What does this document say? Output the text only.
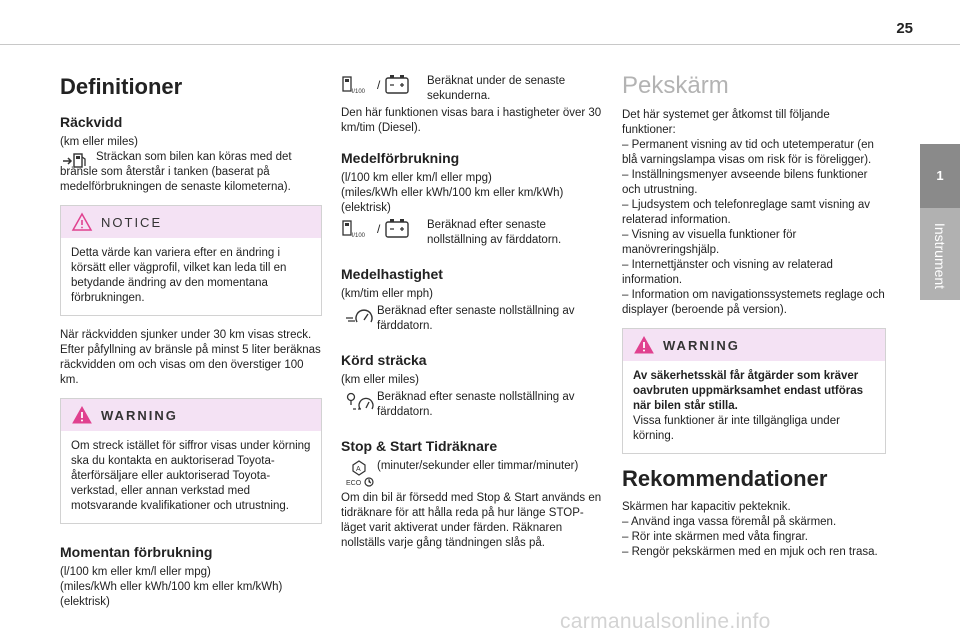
25
Instrument
1
Definitioner
Räckvidd

(km eller miles)

Sträckan som bilen kan köras med det bränsle som återstår i tanken (baserat på medelförbrukningen de senaste kilometerna).

NOTICE

Detta värde kan variera efter en ändring i körsätt eller vägprofil, vilket kan leda till en betydande ändring av den momentana förbrukningen.

När räckvidden sjunker under 30 km visas streck.

Efter påfyllning av bränsle på minst 5 liter beräknas räckvidden om och visas om den överstiger 100 km.

WARNING

Om streck istället för siffror visas under körning ska du kontakta en auktoriserad Toyota-återförsäljare eller auktoriserad Toyota-verkstad, eller annan verkstad med motsvarande kvalifikationer och utrustning.

Momentan förbrukning

(l/100 km eller km/l eller mpg)

(miles/kWh eller kWh/100 km eller km/kWh)

(elektrisk)

l/100 /	Beräknat under de senaste sekunderna.

Den här funktionen visas bara i hastigheter över 30 km/tim (Diesel).

Medelförbrukning

(l/100 km eller km/l eller mpg)

(miles/kWh eller kWh/100 km eller km/kWh)

(elektrisk)

l/100 /	Beräknad efter senaste nollställning av färddatorn.
Medelhastighet

(km/tim eller mph)

Beräknad efter senaste nollställning av färddatorn.
Körd sträcka

(km eller miles)

Beräknad efter senaste nollställning av färddatorn.
Stop & Start Tidräknare
A
ECO
(minuter/sekunder eller timmar/minuter)

Om din bil är försedd med Stop & Start används en tidräknare för att hålla reda på hur länge STOP-läget varit aktiverat under färden. Räknaren nollställs varje gång tändningen slås på.

Pekskärm

Det här systemet ger åtkomst till följande funktioner:

– Permanent visning av tid och utetemperatur (en blå varningslampa visas om risk för is föreligger).

– Inställningsmenyer avseende bilens funktioner och utrustning.

– Ljudsystem och telefonreglage samt visning av relaterad information.

– Visning av visuella funktioner för manövreringshjälp.

– Internettjänster och visning av relaterad information.

– Information om navigationssystemets reglage och displayer (beroende på version).

WARNING

Av säkerhetsskäl får åtgärder som kräver oavbruten uppmärksamhet endast utföras när bilen står stilla.

Vissa funktioner är inte tillgängliga under körning.

Rekommendationer

Skärmen har kapacitiv pekteknik.

– Använd inga vassa föremål på skärmen.

– Rör inte skärmen med våta fingrar.

– Rengör pekskärmen med en mjuk och ren trasa.

carmanualsonline.info
